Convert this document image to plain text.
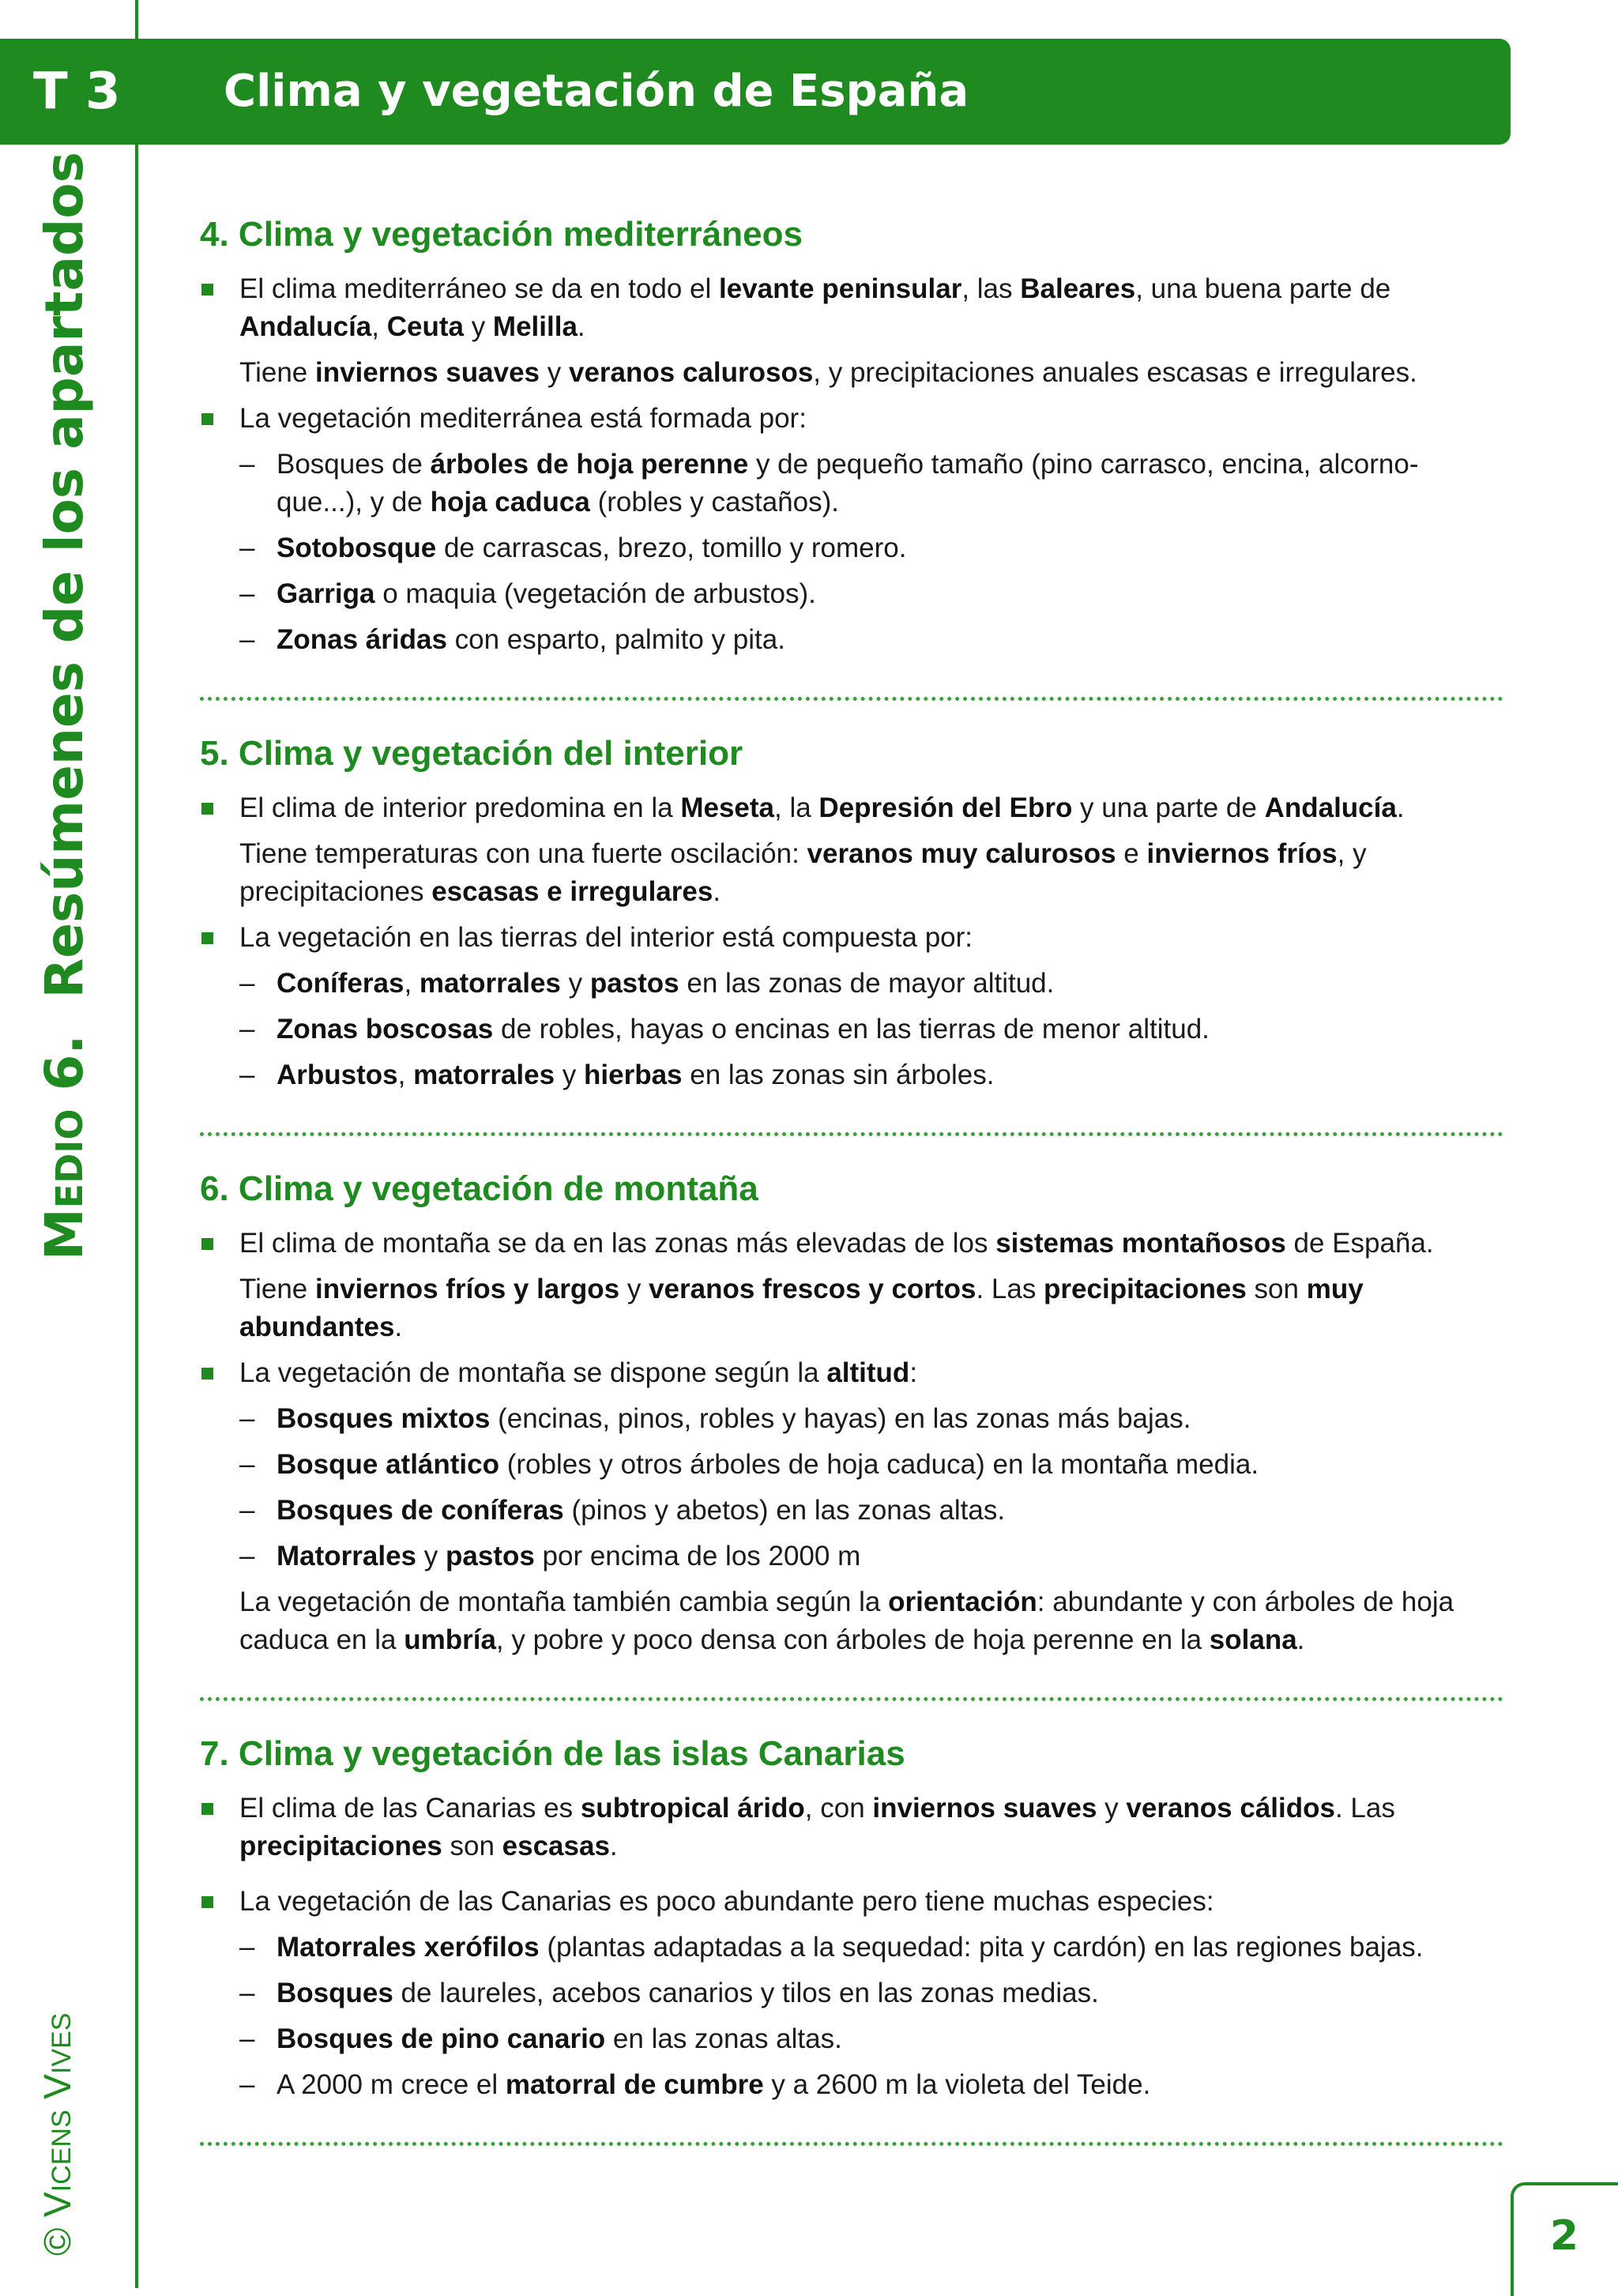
T 3 Clima y vegetación de España
Medio 6.  Resúmenes de los apartados
© Vicens Vives
4. Clima y vegetación mediterráneos
El clima mediterráneo se da en todo el levante peninsular, las Baleares, una buena parte de Andalucía, Ceuta y Melilla.
Tiene inviernos suaves y veranos calurosos, y precipitaciones anuales escasas e irregulares.
La vegetación mediterránea está formada por:
– Bosques de árboles de hoja perenne y de pequeño tamaño (pino carrasco, encina, alcorno-que...), y de hoja caduca (robles y castaños).
– Sotobosque de carrascas, brezo, tomillo y romero.
– Garriga o maquia (vegetación de arbustos).
– Zonas áridas con esparto, palmito y pita.
5. Clima y vegetación del interior
El clima de interior predomina en la Meseta, la Depresión del Ebro y una parte de Andalucía.
Tiene temperaturas con una fuerte oscilación: veranos muy calurosos e inviernos fríos, y precipitaciones escasas e irregulares.
La vegetación en las tierras del interior está compuesta por:
– Coníferas, matorrales y pastos en las zonas de mayor altitud.
– Zonas boscosas de robles, hayas o encinas en las tierras de menor altitud.
– Arbustos, matorrales y hierbas en las zonas sin árboles.
6. Clima y vegetación de montaña
El clima de montaña se da en las zonas más elevadas de los sistemas montañosos de España.
Tiene inviernos fríos y largos y veranos frescos y cortos. Las precipitaciones son muy abundantes.
La vegetación de montaña se dispone según la altitud:
– Bosques mixtos (encinas, pinos, robles y hayas) en las zonas más bajas.
– Bosque atlántico (robles y otros árboles de hoja caduca) en la montaña media.
– Bosques de coníferas (pinos y abetos) en las zonas altas.
– Matorrales y pastos por encima de los 2000 m
La vegetación de montaña también cambia según la orientación: abundante y con árboles de hoja caduca en la umbría, y pobre y poco densa con árboles de hoja perenne en la solana.
7. Clima y vegetación de las islas Canarias
El clima de las Canarias es subtropical árido, con inviernos suaves y veranos cálidos. Las precipitaciones son escasas.
La vegetación de las Canarias es poco abundante pero tiene muchas especies:
– Matorrales xerófilos (plantas adaptadas a la sequedad: pita y cardón) en las regiones bajas.
– Bosques de laureles, acebos canarios y tilos en las zonas medias.
– Bosques de pino canario en las zonas altas.
– A 2000 m crece el matorral de cumbre y a 2600 m la violeta del Teide.
2
